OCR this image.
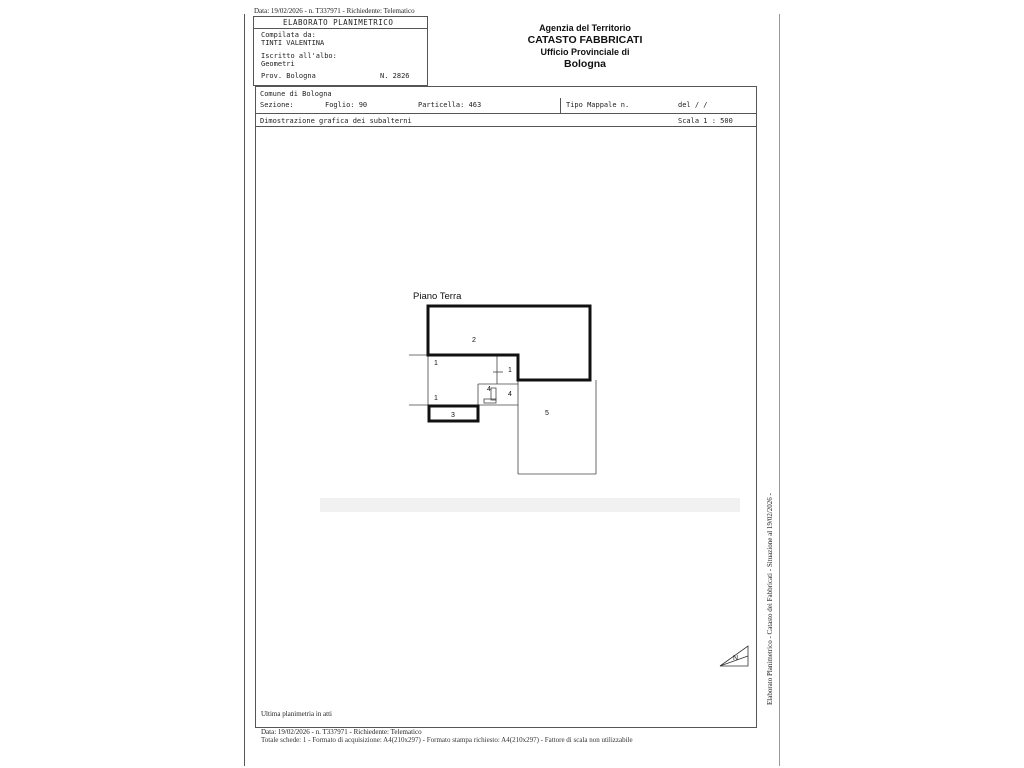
Data: 19/02/2026 - n. T337971 - Richiedente: Telematico
ELABORATO PLANIMETRICO
Compilata da:
TINTI VALENTINA
Iscritto all'albo:
Geometri
Prov. Bologna	N. 2826
Agenzia del Territorio
CATASTO FABBRICATI
Ufficio Provinciale di
Bologna
Comune di Bologna
Sezione:	Foglio: 90	Particella: 463	Tipo Mappale n.	del / /
Dimostrazione grafica dei subalterni	Scala 1 : 500
Piano Terra
2
1
1
4
4
1
3	5
N	Elaborato Planimetrico - Catasto dei Fabbricati - Situazione al 19/02/2026 -
Ultima planimetria in atti
Data: 19/02/2026 - n. T337971 - Richiedente: Telematico
Totale schede: 1 - Formato di acquisizione: A4(210x297) - Formato stampa richiesto: A4(210x297) - Fattore di scala non utilizzabile
